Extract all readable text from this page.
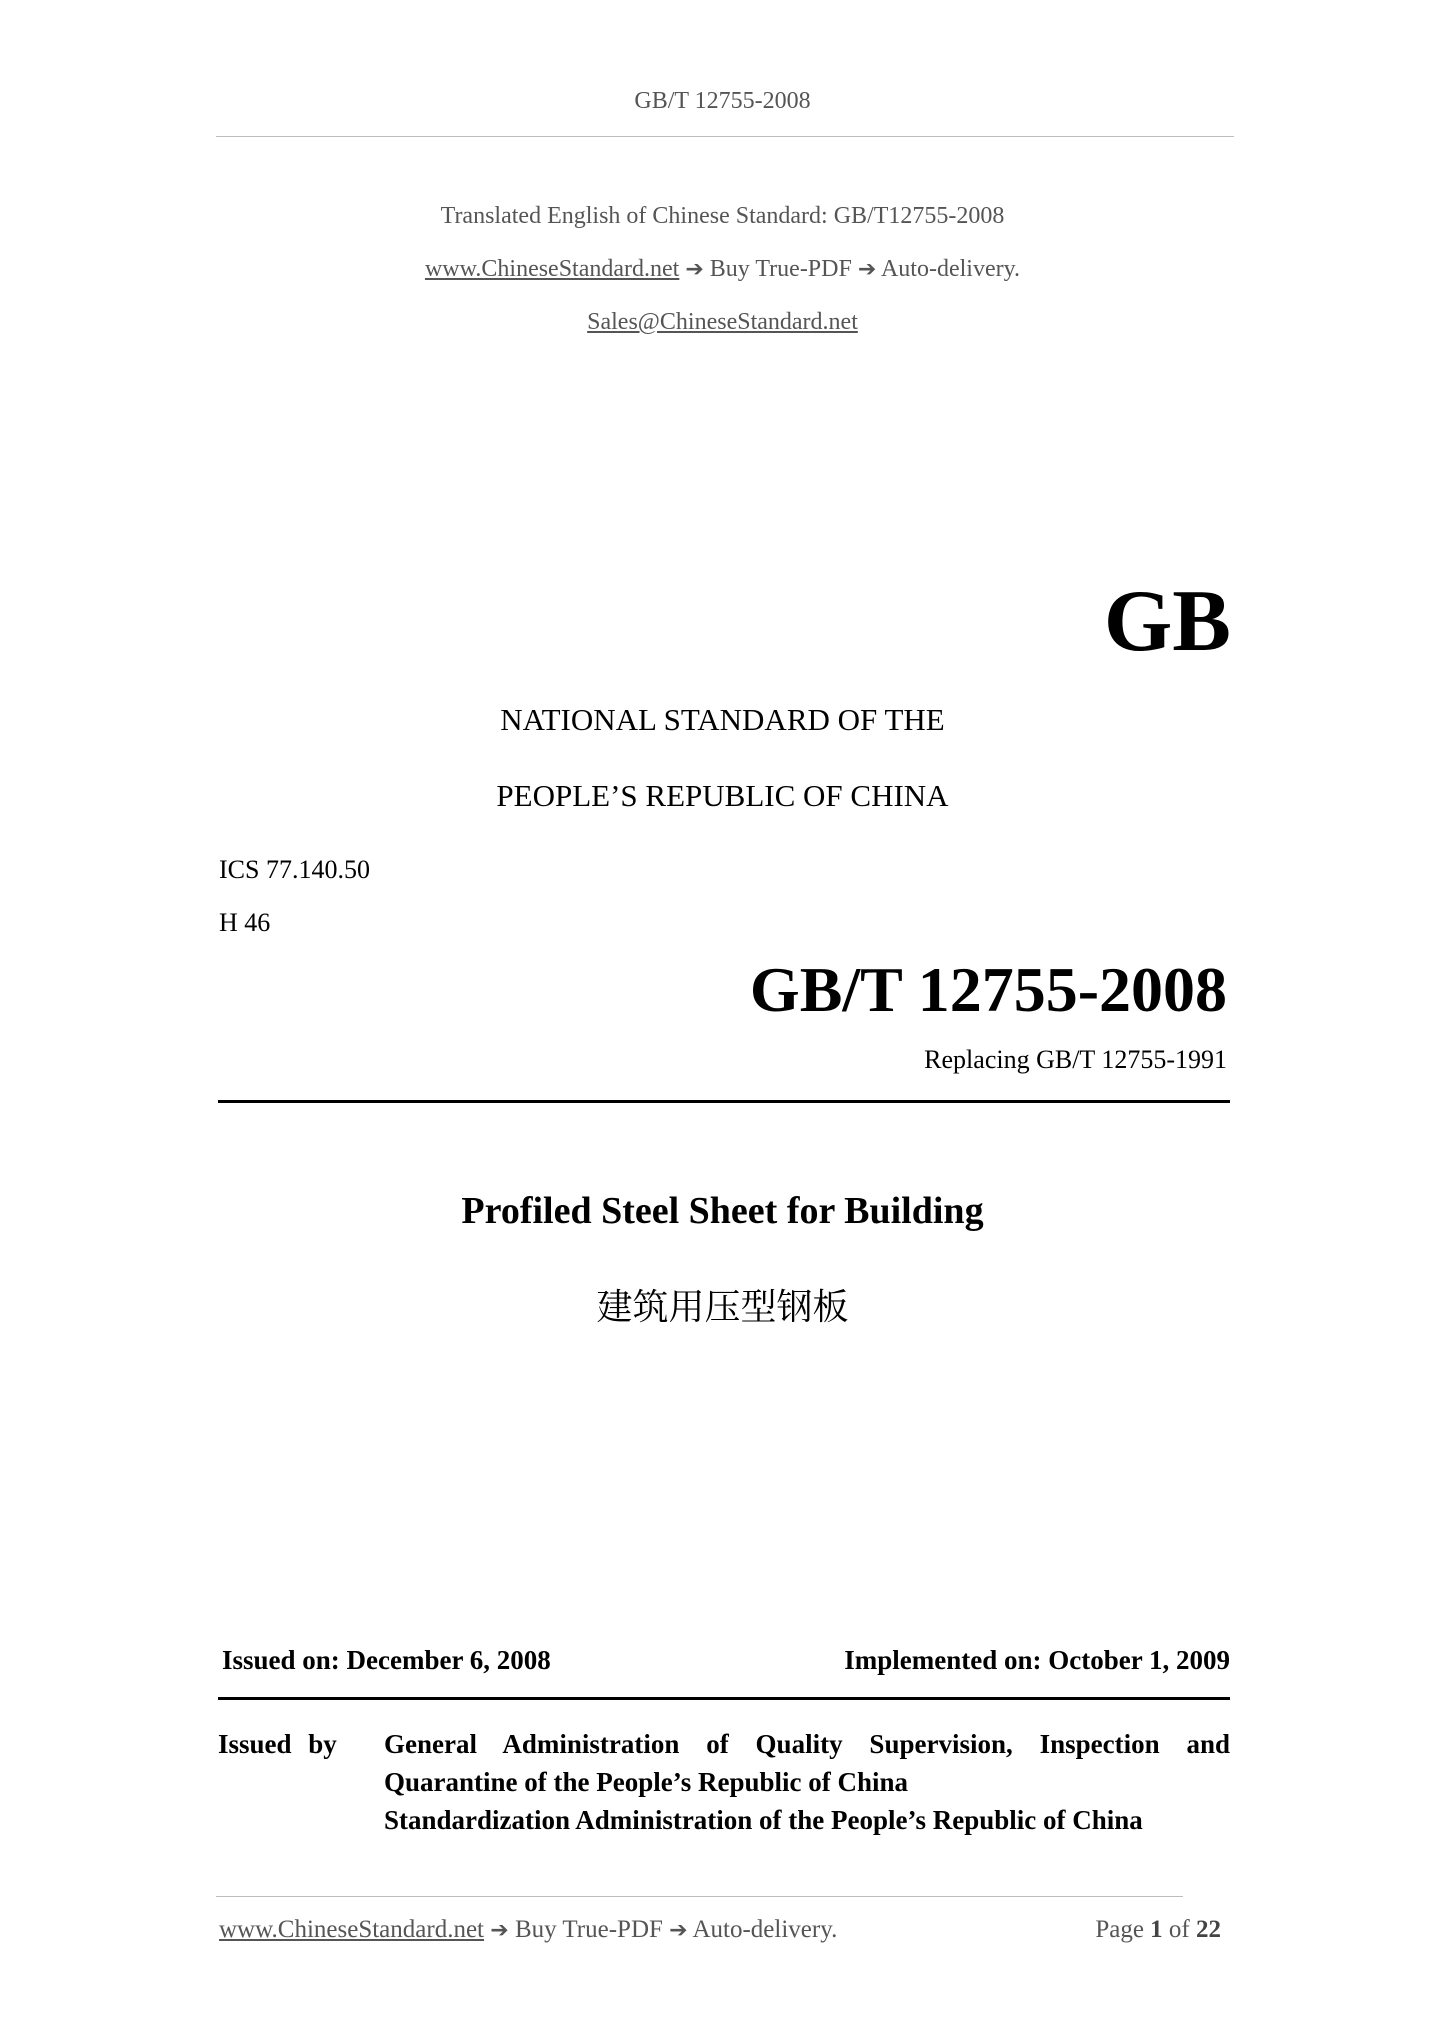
GB/T 12755-2008
Translated English of Chinese Standard: GB/T12755-2008
www.ChineseStandard.net ➔ Buy True-PDF ➔ Auto-delivery.
Sales@ChineseStandard.net
GB
NATIONAL STANDARD OF THE
PEOPLE’S REPUBLIC OF CHINA
ICS 77.140.50
H 46
GB/T 12755-2008
Replacing GB/T 12755-1991
Profiled Steel Sheet for Building
建筑用压型钢板
Issued on: December 6, 2008	Implemented on: October 1, 2009
Issued by General Administration of Quality Supervision, Inspection and
Quarantine of the People’s Republic of China
Standardization Administration of the People’s Republic of China
www.ChineseStandard.net ➔ Buy True-PDF ➔ Auto-delivery.	Page 1 of 22
